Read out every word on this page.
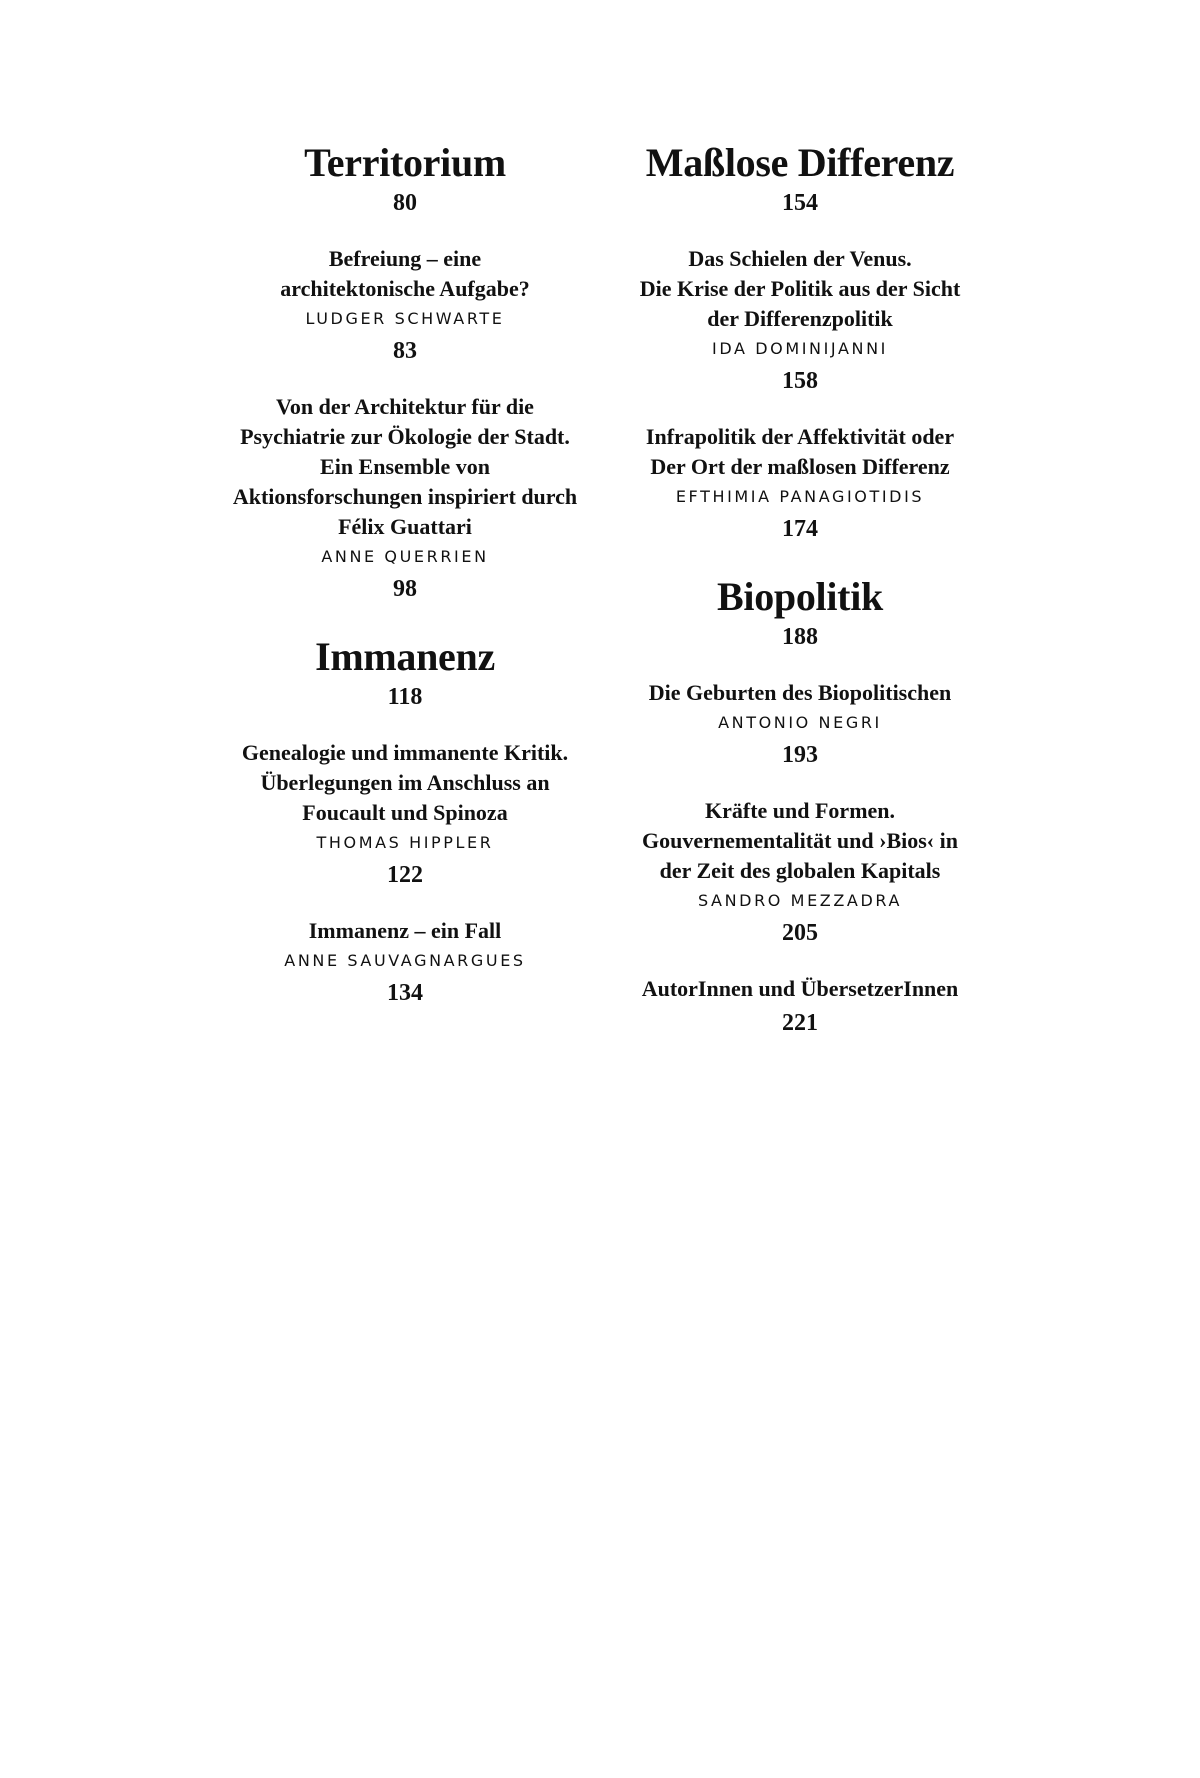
Territorium
80
Befreiung – eine
architektonische Aufgabe?
LUDGER SCHWARTE
83
Von der Architektur für die
Psychiatrie zur Ökologie der Stadt.
Ein Ensemble von
Aktionsforschungen inspiriert durch
Félix Guattari
ANNE QUERRIEN
98
Immanenz
118
Genealogie und immanente Kritik.
Überlegungen im Anschluss an
Foucault und Spinoza
THOMAS HIPPLER
122
Immanenz – ein Fall
ANNE SAUVAGNARGUES
134
Maßlose Differenz
154
Das Schielen der Venus.
Die Krise der Politik aus der Sicht
der Differenzpolitik
IDA DOMINIJANNI
158
Infrapolitik der Affektivität oder
Der Ort der maßlosen Differenz
EFTHIMIA PANAGIOTIDIS
174
Biopolitik
188
Die Geburten des Biopolitischen
ANTONIO NEGRI
193
Kräfte und Formen.
Gouvernementalität und ›Bios‹ in
der Zeit des globalen Kapitals
SANDRO MEZZADRA
205
AutorInnen und ÜbersetzerInnen
221
